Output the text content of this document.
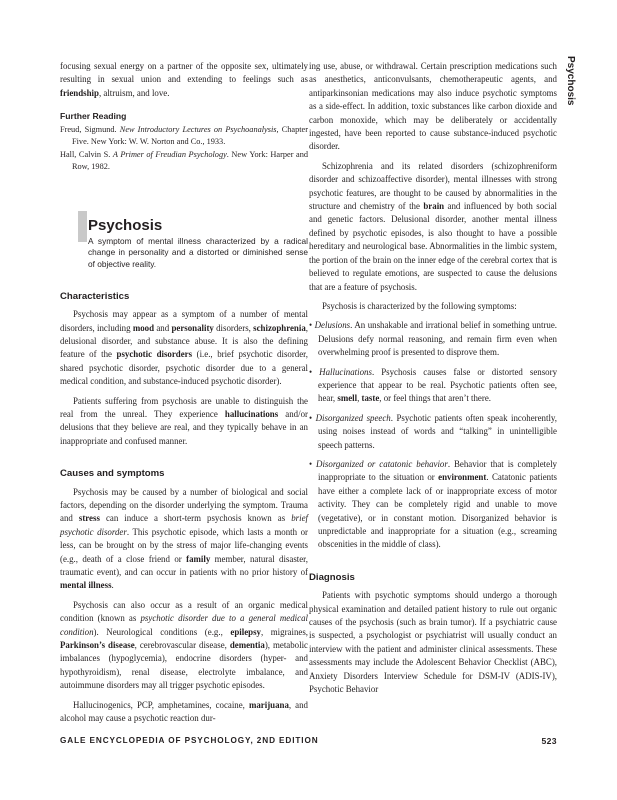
Psychosis

focusing sexual energy on a partner of the opposite sex, ultimately resulting in sexual union and extending to feelings such as friendship, altruism, and love.

Further Reading

Freud, Sigmund. New Introductory Lectures on Psychoanalysis, Chapter Five. New York: W. W. Norton and Co., 1933.

Hall, Calvin S. A Primer of Freudian Psychology. New York: Harper and Row, 1982.

Psychosis

A symptom of mental illness characterized by a radical change in personality and a distorted or diminished sense of objective reality.

Characteristics

Psychosis may appear as a symptom of a number of mental disorders, including mood and personality disorders, schizophrenia, delusional disorder, and substance abuse. It is also the defining feature of the psychotic disorders (i.e., brief psychotic disorder, shared psychotic disorder, psychotic disorder due to a general medical condition, and substance-induced psychotic disorder).

Patients suffering from psychosis are unable to distinguish the real from the unreal. They experience hallucinations and/or delusions that they believe are real, and they typically behave in an inappropriate and confused manner.

Causes and symptoms

Psychosis may be caused by a number of biological and social factors, depending on the disorder underlying the symptom. Trauma and stress can induce a short-term psychosis known as brief psychotic disorder. This psychotic episode, which lasts a month or less, can be brought on by the stress of major life-changing events (e.g., death of a close friend or family member, natural disaster, traumatic event), and can occur in patients with no prior history of mental illness.

Psychosis can also occur as a result of an organic medical condition (known as psychotic disorder due to a general medical condition). Neurological conditions (e.g., epilepsy, migraines, Parkinson’s disease, cerebrovascular disease, dementia), metabolic imbalances (hypoglycemia), endocrine disorders (hyper- and hypothyroidism), renal disease, electrolyte imbalance, and autoimmune disorders may all trigger psychotic episodes.

Hallucinogenics, PCP, amphetamines, cocaine, marijuana, and alcohol may cause a psychotic reaction dur-

ing use, abuse, or withdrawal. Certain prescription medications such as anesthetics, anticonvulsants, chemotherapeutic agents, and antiparkinsonian medications may also induce psychotic symptoms as a side-effect. In addition, toxic substances like carbon dioxide and carbon monoxide, which may be deliberately or accidentally ingested, have been reported to cause substance-induced psychotic disorder.

Schizophrenia and its related disorders (schizophreniform disorder and schizoaffective disorder), mental illnesses with strong psychotic features, are thought to be caused by abnormalities in the structure and chemistry of the brain and influenced by both social and genetic factors. Delusional disorder, another mental illness defined by psychotic episodes, is also thought to have a possible hereditary and neurological base. Abnormalities in the limbic system, the portion of the brain on the inner edge of the cerebral cortex that is believed to regulate emotions, are suspected to cause the delusions that are a feature of psychosis.

Psychosis is characterized by the following symptoms:

• Delusions. An unshakable and irrational belief in something untrue. Delusions defy normal reasoning, and remain firm even when overwhelming proof is presented to disprove them.

• Hallucinations. Psychosis causes false or distorted sensory experience that appear to be real. Psychotic patients often see, hear, smell, taste, or feel things that aren’t there.

• Disorganized speech. Psychotic patients often speak incoherently, using noises instead of words and “talking” in unintelligible speech patterns.

• Disorganized or catatonic behavior. Behavior that is completely inappropriate to the situation or environment. Catatonic patients have either a complete lack of or inappropriate excess of motor activity. They can be completely rigid and unable to move (vegetative), or in constant motion. Disorganized behavior is unpredictable and inappropriate for a situation (e.g., screaming obscenities in the middle of class).

Diagnosis

Patients with psychotic symptoms should undergo a thorough physical examination and detailed patient history to rule out organic causes of the psychosis (such as brain tumor). If a psychiatric cause is suspected, a psychologist or psychiatrist will usually conduct an interview with the patient and administer clinical assessments. These assessments may include the Adolescent Behavior Checklist (ABC), Anxiety Disorders Interview Schedule for DSM-IV (ADIS-IV), Psychotic Behavior

GALE ENCYCLOPEDIA OF PSYCHOLOGY, 2ND EDITION	523
